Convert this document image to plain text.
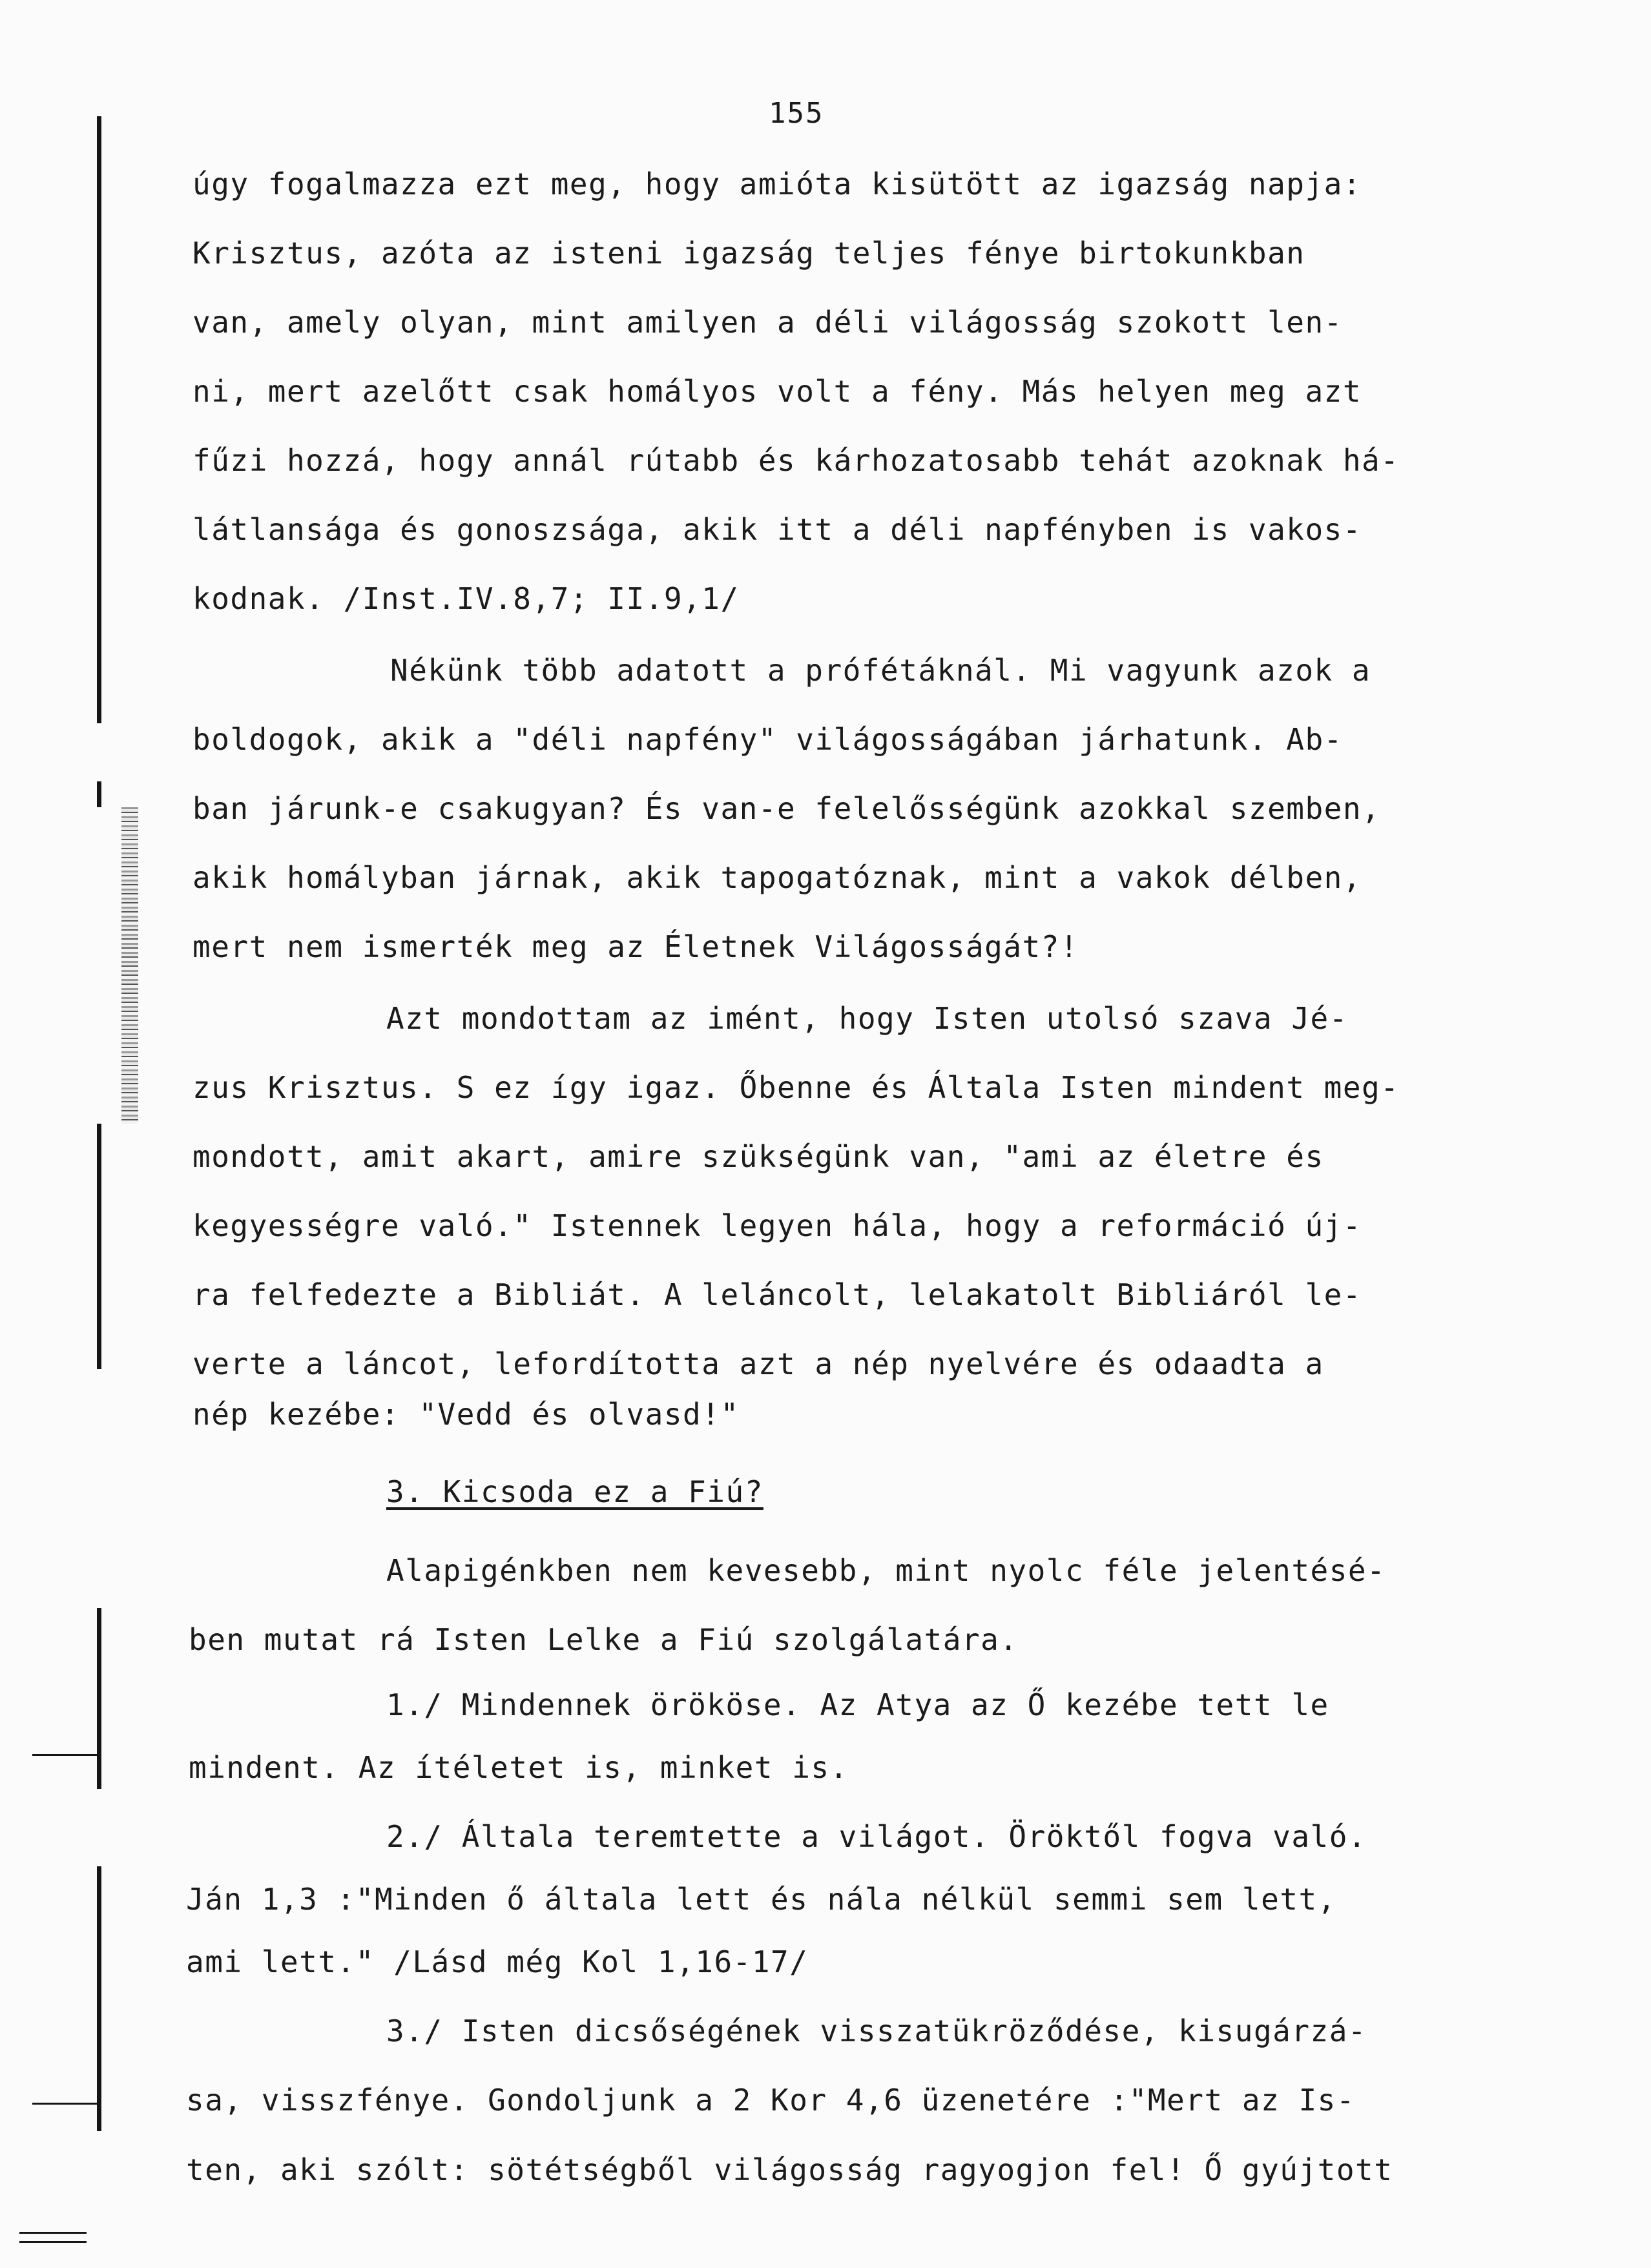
155
úgy fogalmazza ezt meg, hogy amióta kisütött az igazság napja:
Krisztus, azóta az isteni igazság teljes fénye birtokunkban
van, amely olyan, mint amilyen a déli világosság szokott len-
ni, mert azelőtt csak homályos volt a fény. Más helyen meg azt
fűzi hozzá, hogy annál rútabb és kárhozatosabb tehát azoknak há-
látlansága és gonoszsága, akik itt a déli napfényben is vakos-
kodnak. /Inst.IV.8,7; II.9,1/
Nékünk több adatott a prófétáknál. Mi vagyunk azok a
boldogok, akik a "déli napfény" világosságában járhatunk. Ab-
ban járunk-e csakugyan? És van-e felelősségünk azokkal szemben,
akik homályban járnak, akik tapogatóznak, mint a vakok délben,
mert nem ismerték meg az Életnek Világosságát?!
Azt mondottam az imént, hogy Isten utolsó szava Jé-
zus Krisztus. S ez így igaz. Őbenne és Általa Isten mindent meg-
mondott, amit akart, amire szükségünk van, "ami az életre és
kegyességre való." Istennek legyen hála, hogy a reformáció új-
ra felfedezte a Bibliát. A leláncolt, lelakatolt Bibliáról le-
verte a láncot, lefordította azt a nép nyelvére és odaadta a
nép kezébe: "Vedd és olvasd!"
3. Kicsoda ez a Fiú?
Alapigénkben nem kevesebb, mint nyolc féle jelentésé-
ben mutat rá Isten Lelke a Fiú szolgálatára.
1./ Mindennek örököse. Az Atya az Ő kezébe tett le
mindent. Az ítéletet is, minket is.
2./ Általa teremtette a világot. Öröktől fogva való.
Ján 1,3 :"Minden ő általa lett és nála nélkül semmi sem lett,
ami lett." /Lásd még Kol 1,16-17/
3./ Isten dicsőségének visszatükröződése, kisugárzá-
sa, visszfénye. Gondoljunk a 2 Kor 4,6 üzenetére :"Mert az Is-
ten, aki szólt: sötétségből világosság ragyogjon fel! Ő gyújtott
